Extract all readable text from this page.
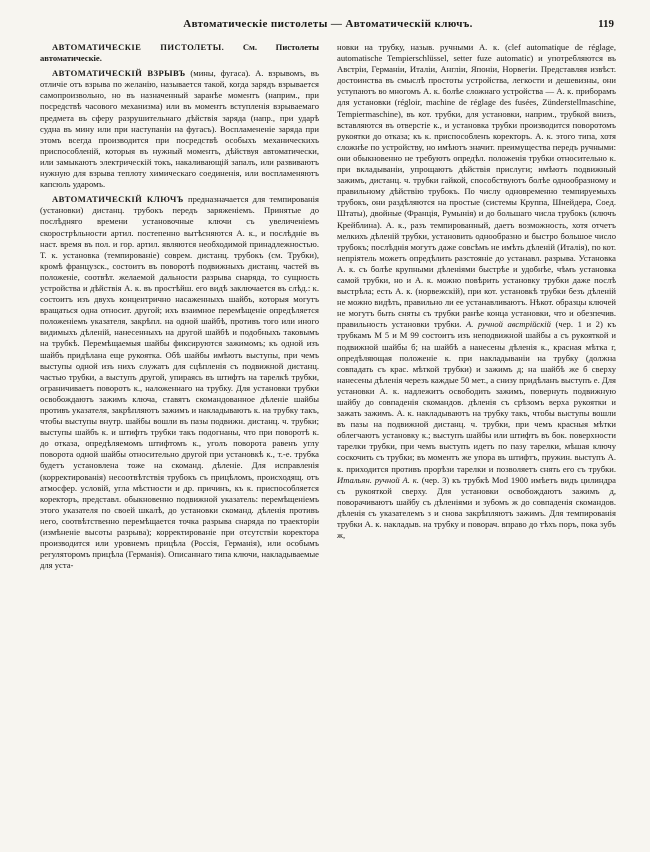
Автоматическіе пистолеты — Автоматическій ключъ.	119

АВТОМАТИЧЕСКІЕ ПИСТОЛЕТЫ. См. Пистолеты автоматическіе.

АВТОМАТИЧЕСКІЙ ВЗРЫВЪ (мины, фугаса). А. взрывомъ, въ отличіе отъ взрыва по желанію, называется такой, когда зарядъ взрывается самопроизвольно, но въ назначенный заранѣе моментъ (наприм., при посредствѣ часового механизма) или въ моментъ вступленія взрываемаго предмета въ сферу разрушительнаго дѣйствія заряда (напр., при ударѣ судна въ мину или при наступаніи на фугасъ). Воспламененіе заряда при этомъ всегда производится при посредствѣ особыхъ механическихъ приспособленій, которыя въ нужный моментъ, дѣйствуя автоматически, или замыкаютъ электрическій токъ, накаливающій запалъ, или развиваютъ нужную для взрыва теплоту химическаго соединенія, или воспламеняютъ капсюль ударомъ.

АВТОМАТИЧЕСКІЙ КЛЮЧЪ предназначается для темпированія (установки) дистанц. трубокъ передъ заряженіемъ. Принятые до послѣдняго времени установочные ключи съ увеличеніемъ скорострѣльности артил. постепенно вытѣсняются А. к., и послѣдніе въ наст. время въ пол. и гор. артил. являются необходимой принадлежностью. Т. к. установка (темпированіе) соврем. дистанц. трубокъ (см. Трубки), кромѣ французск., состоитъ въ поворотѣ подвижныхъ дистанц. частей въ положеніе, соотвѣт. желаемой дальности разрыва снаряда, то сущность устройства и дѣйствія А. к. въ простѣйш. его видѣ заключается въ слѣд.: к. состоитъ изъ двухъ концентрично насаженныхъ шайбъ, которыя могутъ вращаться одна относит. другой; ихъ взаимное перемѣщеніе опредѣляется положеніемъ указателя, закрѣпл. на одной шайбѣ, противъ того или иного видимыхъ дѣленій, нанесенныхъ на другой шайбѣ и подобныхъ таковымъ на трубкѣ. Перемѣщаемыя шайбы фиксируются зажимомъ; къ одной изъ шайбъ придѣлана еще рукоятка. Обѣ шайбы имѣютъ выступы, при чемъ выступы одной изъ нихъ служатъ для сцѣпленія съ подвижной дистанц. частью трубки, а выступъ другой, упираясь въ штифтъ на тарелкѣ трубки, ограничиваетъ поворотъ к., наложеннаго на трубку. Для установки трубки освобождаютъ зажимъ ключа, ставятъ скомандованное дѣленіе шайбы противъ указателя, закрѣпляютъ зажимъ и накладываютъ к. на трубку такъ, чтобы выступы внутр. шайбы вошли въ пазы подвижн. дистанц. ч. трубки; выступы шайбъ к. и штифтъ трубки такъ подогнаны, что при поворотѣ к. до отказа, опредѣляемомъ штифтомъ к., уголъ поворота равенъ углу поворота одной шайбы относительно другой при установкѣ к., т.-е. трубка будетъ установлена тоже на скоманд. дѣленіе. Для исправленія (корректированія) несоотвѣтствія трубокъ съ прицѣломъ, происходящ. отъ атмосфер. условій, угла мѣстности и др. причинъ, къ к. приспособляется коректоръ, представл. обыкновенно подвижной указатель: перемѣщеніемъ этого указателя по своей шкалѣ, до установки скоманд. дѣленія противъ него, соотвѣтственно перемѣщается точка разрыва снаряда по траекторіи (измѣненіе высоты разрыва); корректированіе при отсутствіи коректора производится или уровнемъ прицѣла (Россія, Германія), или особымъ регуляторомъ прицѣла (Германія). Описаннаго типа ключи, накладываемые для уста-

новки на трубку, назыв. ручными А. к. (clef automatique de réglage, automatische Tempierschlüssel, setter fuze automatic) и употребляются въ Австріи, Германіи, Италіи, Англіи, Японіи, Норвегіи. Представляя извѣст. достоинства въ смыслѣ простоты устройства, легкости и дешевизны, они уступаютъ во многомъ А. к. болѣе сложнаго устройства — А. к. приборамъ для установки (régloir, machine de réglage des fusées, Zünderstellmaschine, Tempiermaschine), въ кот. трубки, для установки, наприм., трубкой внизъ, вставляются въ отверстіе к., и установка трубки производится поворотомъ рукоятки до отказа; къ к. приспособленъ коректоръ. А. к. этого типа, хотя сложнѣе по устройству, но имѣютъ значит. преимущества передъ ручными: они обыкновенно не требуютъ опредѣл. положенія трубки относительно к. при вкладываніи, упрощаютъ дѣйствія прислуги; имѣютъ подвижный зажимъ, дистанц. ч. трубки гайкой, способствуютъ болѣе однообразному и правильному дѣйствію трубокъ. По числу одновременно темпируемыхъ трубокъ, они раздѣляются на простые (системы Круппа, Шнейдера, Соед. Штаты), двойные (Франція, Румынія) и до большаго числа трубокъ (ключъ Крейблина). А. к., разъ темпированный, даетъ возможность, хотя отчетъ мелкихъ дѣленій трубки, установить однообразно и быстро большое число трубокъ; послѣднія могутъ даже совсѣмъ не имѣть дѣленій (Италія), по кот. непріятель можетъ опредѣлить разстояніе до устанавл. разрыва. Установка А. к. съ болѣе крупными дѣленіями быстрѣе и удобнѣе, чѣмъ установка самой трубки, но и А. к. можно повѣрить установку трубки даже послѣ выстрѣла; есть А. к. (норвежскій), при кот. установкѣ трубки безъ дѣленій не можно видѣть, правильно ли ее устанавливаютъ. Нѣкот. образцы ключей не могутъ быть сняты съ трубки ранѣе конца установки, что и обезпечив. правильность установки трубки. А. ручной австрійскій (чер. 1 и 2) къ трубкамъ М 5 и М 99 состоитъ изъ неподвижной шайбы а съ рукояткой и подвижной шайбы б; на шайбѣ а нанесены дѣленія к., красная мѣтка г, опредѣляющая положеніе к. при накладываніи на трубку (должна совпадать съ крас. мѣткой трубки) и зажимъ д; на шайбѣ же б сверху нанесены дѣленія черезъ каждые 50 мет., а снизу придѣланъ выступъ е. Для установки А. к. надлежитъ освободить зажимъ, повернуть подвижную шайбу до совпаденія скомандов. дѣленія съ срѣзомъ верха рукоятки и зажать зажимъ. А. к. накладываютъ на трубку такъ, чтобы выступы вошли въ пазы на подвижной дистанц. ч. трубки, при чемъ красныя мѣтки облегчаютъ установку к.; выступъ шайбы или штифтъ въ бок. поверхности тарелки трубки, при чемъ выступъ идетъ по пазу тарелки, мѣшая ключу соскочить съ трубки; въ моментъ же упора въ штифтъ, пружин. выступъ А. к. приходится противъ прорѣзи тарелки и позволяетъ снять его съ трубки. Итальян. ручной А. к. (чер. 3) къ трубкѣ Mod 1900 имѣетъ видъ цилиндра съ рукояткой сверху. Для установки освобождаютъ зажимъ д, поворачиваютъ шайбу съ дѣленіями и зубомъ ж до совпаденія скомандов. дѣленія съ указателемъ з и снова закрѣпляютъ зажимъ. Для темпированія трубки А. к. накладыв. на трубку и поворач. вправо до тѣхъ поръ, пока зубъ ж,
